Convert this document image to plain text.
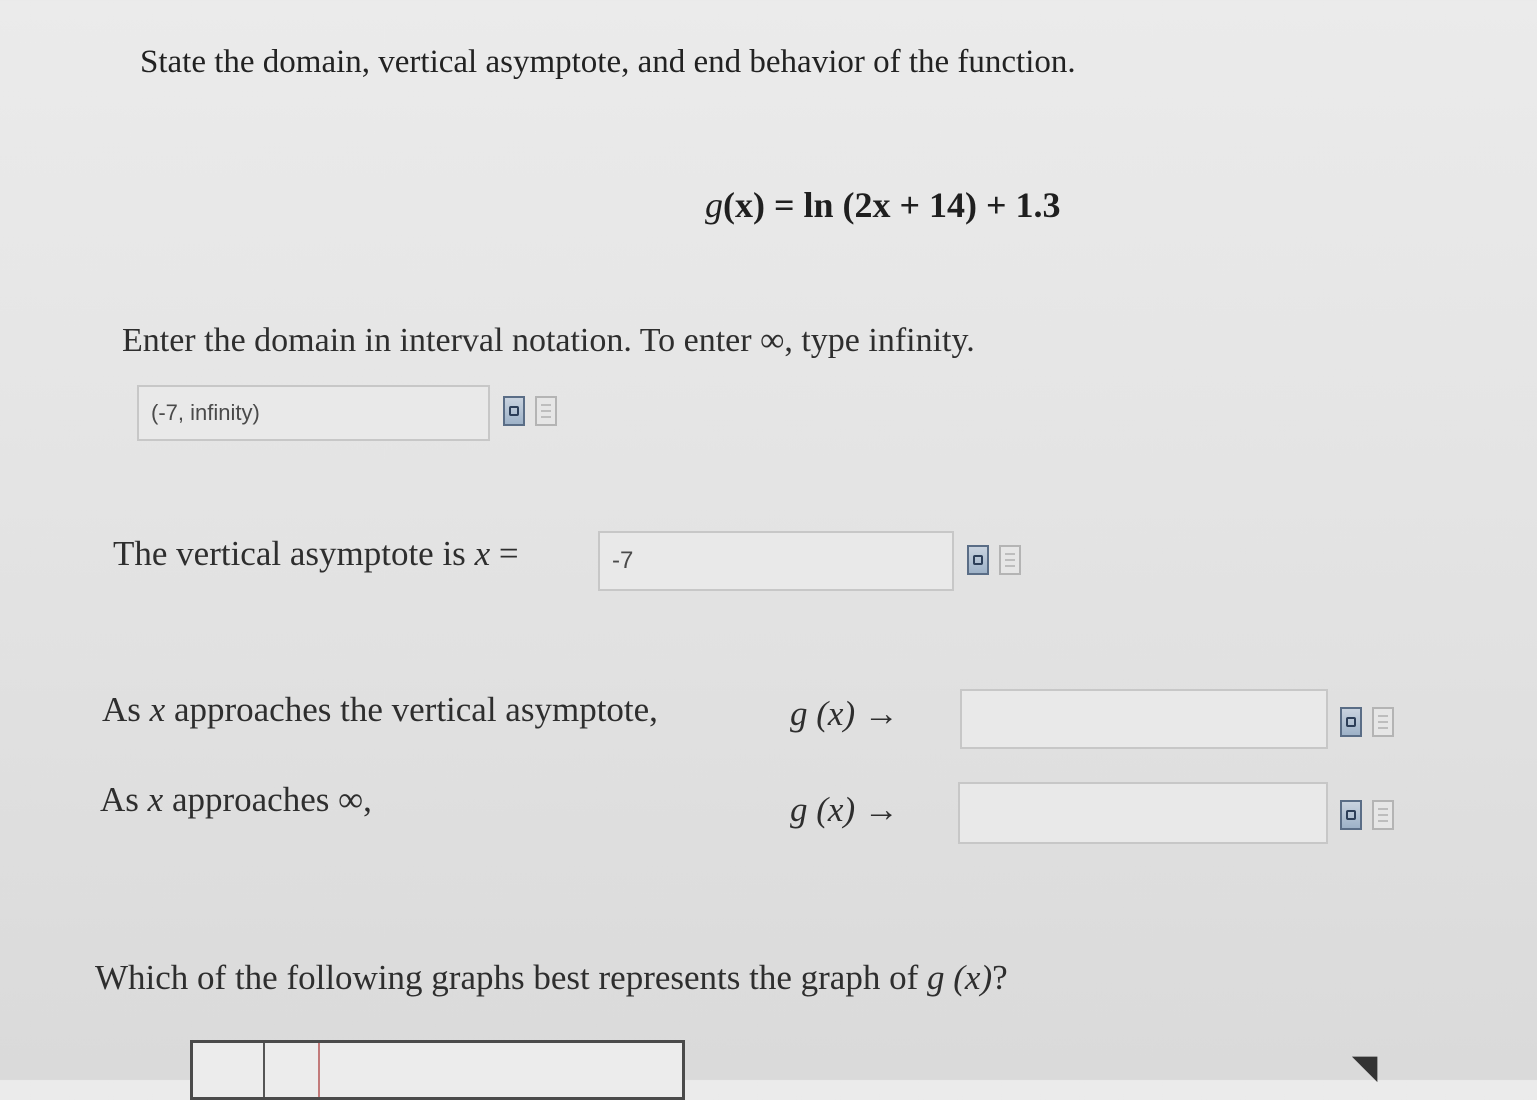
State the domain, vertical asymptote, and end behavior of the function.
g(x) = ln (2x + 14) + 1.3
Enter the domain in interval notation. To enter ∞, type infinity.
(-7, infinity)
The vertical asymptote is x =	-7
As x approaches the vertical asymptote,	g (x) →
As x approaches ∞,	g (x) →
Which of the following graphs best represents the graph of g (x)?
